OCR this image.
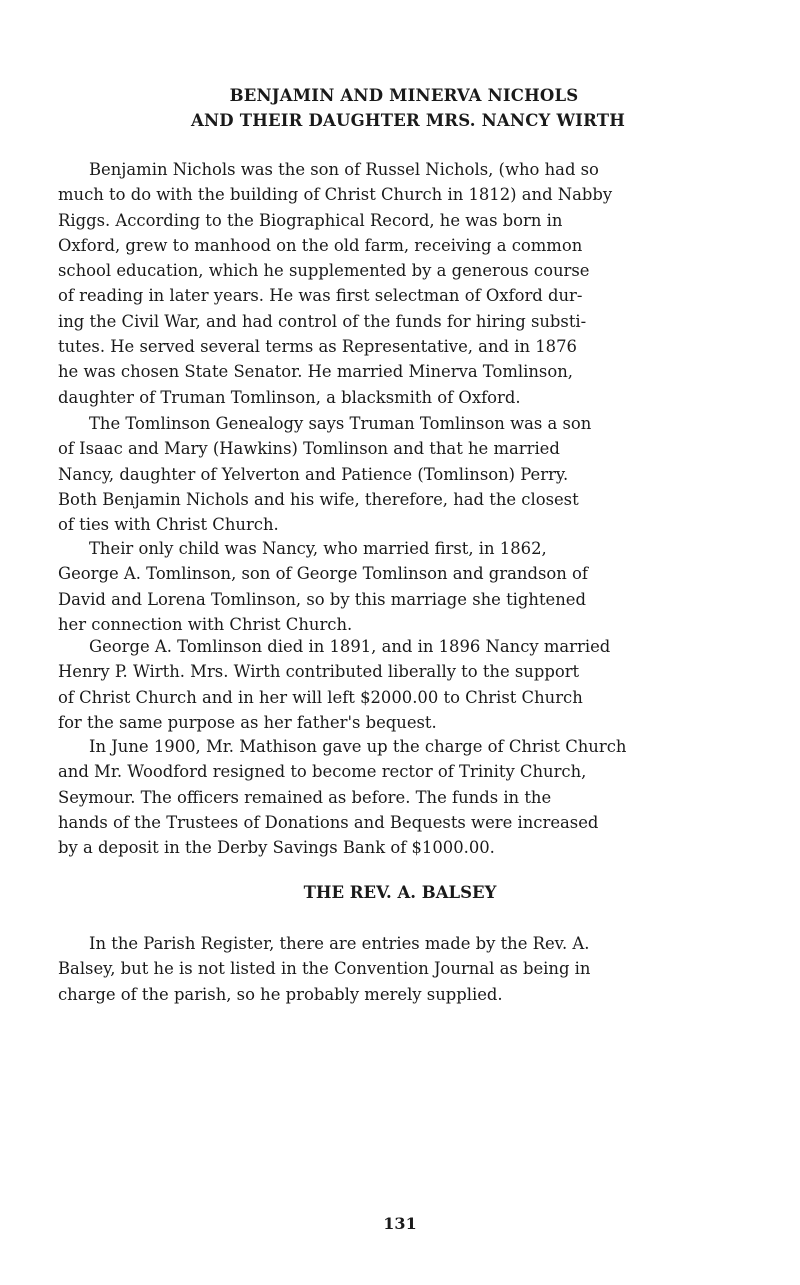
BENJAMIN AND MINERVA NICHOLS
AND THEIR DAUGHTER MRS. NANCY WIRTH

Benjamin Nichols was the son of Russel Nichols, (who had so
much to do with the building of Christ Church in 1812) and Nabby
Riggs. According to the Biographical Record, he was born in
Oxford, grew to manhood on the old farm, receiving a common
school education, which he supplemented by a generous course
of reading in later years. He was first selectman of Oxford dur-
ing the Civil War, and had control of the funds for hiring substi-
tutes. He served several terms as Representative, and in 1876
he was chosen State Senator. He married Minerva Tomlinson,
daughter of Truman Tomlinson, a blacksmith of Oxford.

The Tomlinson Genealogy says Truman Tomlinson was a son
of Isaac and Mary (Hawkins) Tomlinson and that he married
Nancy, daughter of Yelverton and Patience (Tomlinson) Perry.
Both Benjamin Nichols and his wife, therefore, had the closest
of ties with Christ Church.

Their only child was Nancy, who married first, in 1862,
George A. Tomlinson, son of George Tomlinson and grandson of
David and Lorena Tomlinson, so by this marriage she tightened
her connection with Christ Church.

George A. Tomlinson died in 1891, and in 1896 Nancy married
Henry P. Wirth. Mrs. Wirth contributed liberally to the support
of Christ Church and in her will left $2000.00 to Christ Church
for the same purpose as her father's bequest.

In June 1900, Mr. Mathison gave up the charge of Christ Church
and Mr. Woodford resigned to become rector of Trinity Church,
Seymour. The officers remained as before. The funds in the
hands of the Trustees of Donations and Bequests were increased
by a deposit in the Derby Savings Bank of $1000.00.

THE REV. A. BALSEY

In the Parish Register, there are entries made by the Rev. A.
Balsey, but he is not listed in the Convention Journal as being in
charge of the parish, so he probably merely supplied.

131
